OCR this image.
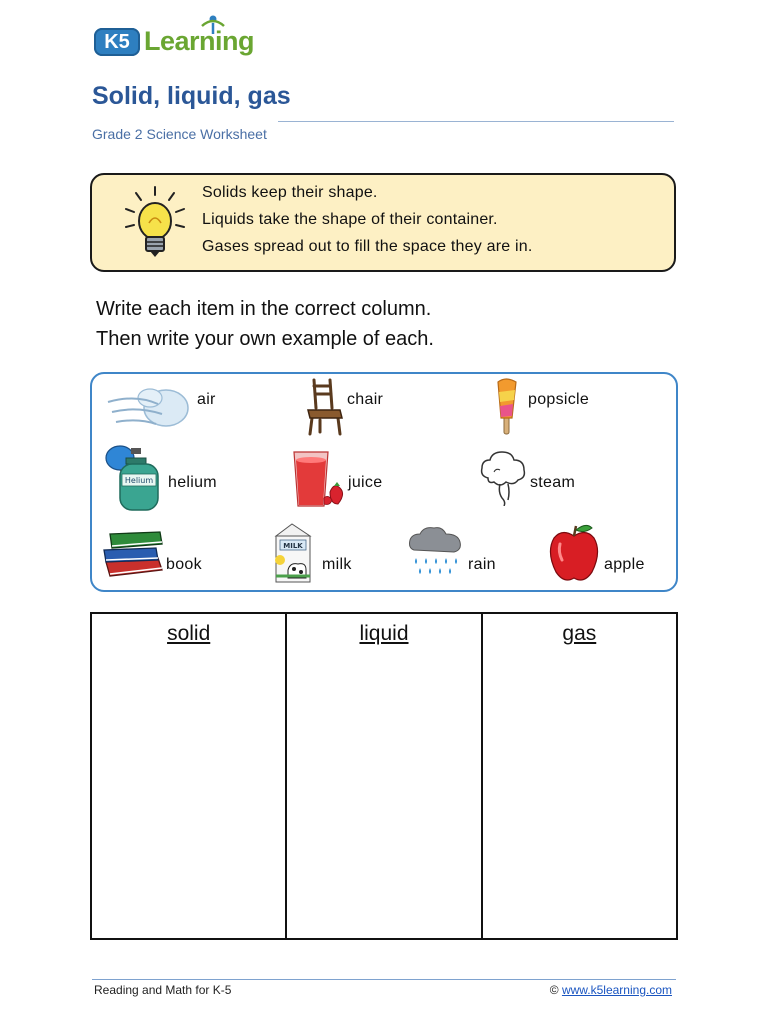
K5 Learning
Solid, liquid, gas
Grade 2 Science Worksheet
Solids keep their shape.
Liquids take the shape of their container.
Gases spread out to fill the space they are in.
Write each item in the correct column.
Then write your own example of each.
air	chair	popsicle
Helium helium	juice	steam
book
MILK
milk	rain	apple
solid	liquid	gas
Reading and Math for K-5	© www.k5learning.com
